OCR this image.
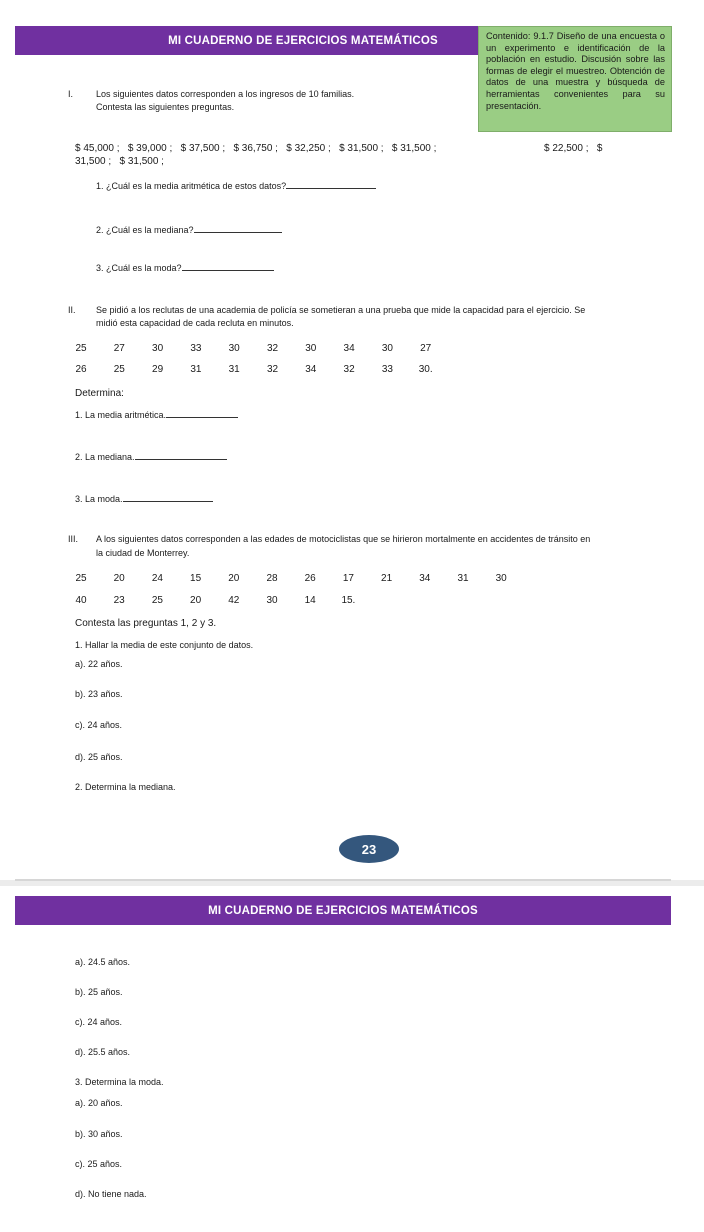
MI CUADERNO DE EJERCICIOS MATEMÁTICOS	Contenido: 9.1.7 Diseño de una encuesta o un experimento e identificación de la población en estudio. Discusión sobre las formas de elegir el muestreo. Obtención de datos de una muestra y búsqueda de herramientas convenientes para su presentación.
I.	Los siguientes datos corresponden a los ingresos de 10 familias.
Contesta las siguientes preguntas.
$ 45,000 ;   $ 39,000 ;   $ 37,500 ;   $ 36,750 ;   $ 32,250 ;   $ 31,500 ;   $ 31,500 ;	$ 22,500 ;   $
31,500 ;   $ 31,500 ;
1. ¿Cuál es la media aritmética de estos datos?
2. ¿Cuál es la mediana?
3. ¿Cuál es la moda?
II. Se pidió a los reclutas de una academia de policía se sometieran a una prueba que mide la capacidad para el ejercicio. Se
midió esta capacidad de cada recluta en minutos.
25	27	30	33	30	32	30	34	30	27
26	25	29	31	31	32	34	32	33	30.
Determina:
1. La media aritmética.
2. La mediana.
3. La moda.
III. A los siguientes datos corresponden a las edades de motociclistas que se hirieron mortalmente en accidentes de tránsito en
la ciudad de Monterrey.
25	20	24	15	20	28	26	17	21	34	31	30
40	23	25	20	42	30	14	15.
Contesta las preguntas 1, 2 y 3.
1. Hallar la media de este conjunto de datos.
a). 22 años.
b). 23 años.
c). 24 años.
d). 25 años.
2. Determina la mediana.
23
MI CUADERNO DE EJERCICIOS MATEMÁTICOS
a). 24.5 años.
b). 25 años.
c). 24 años.
d). 25.5 años.
3. Determina la moda.
a). 20 años.
b). 30 años.
c). 25 años.
d). No tiene nada.
